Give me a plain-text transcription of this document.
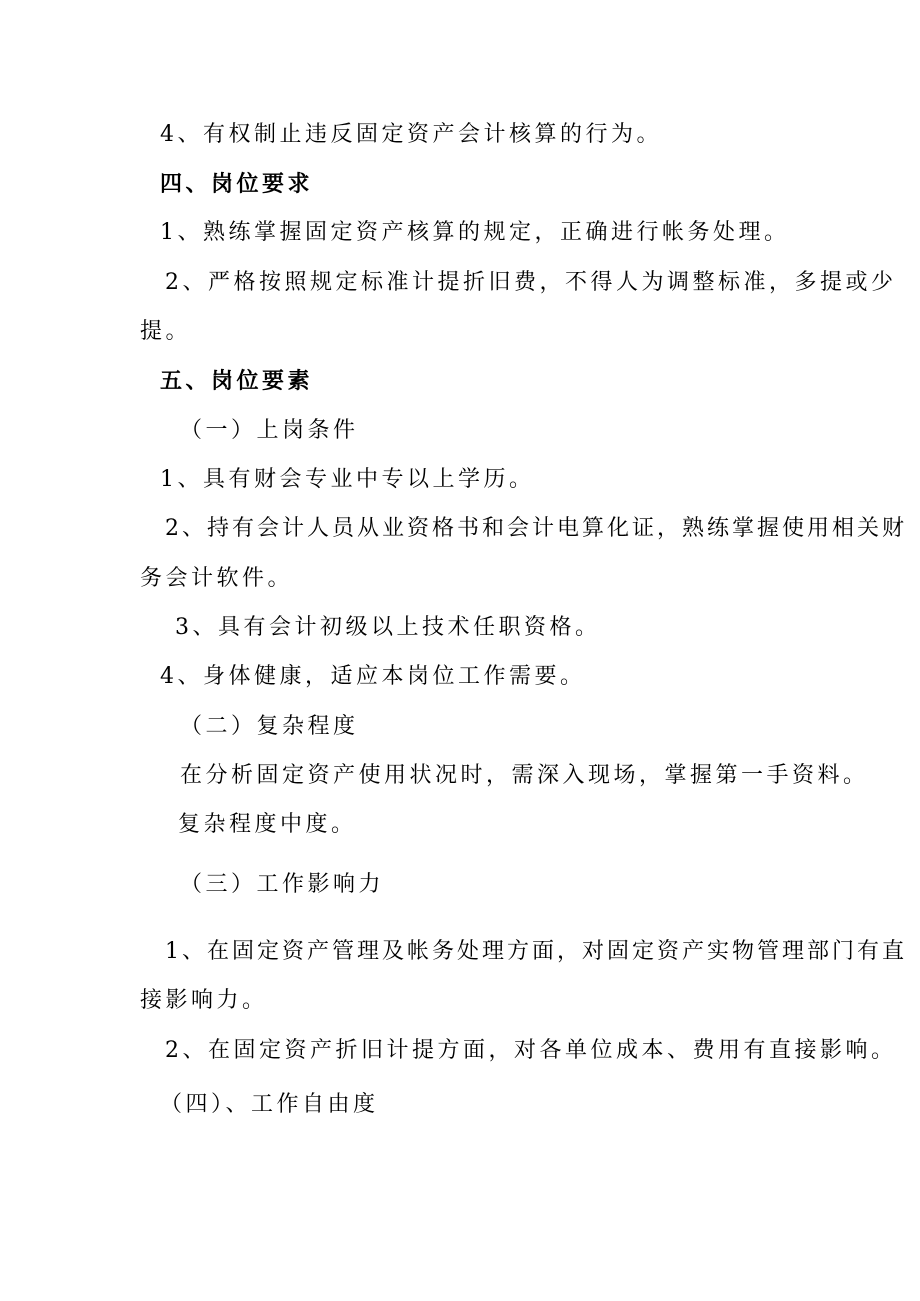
4、有权制止违反固定资产会计核算的行为。
四、岗位要求
1、熟练掌握固定资产核算的规定，正确进行帐务处理。
2、严格按照规定标准计提折旧费，不得人为调整标准，多提或少
提。
五、岗位要素
（一）上岗条件
1、具有财会专业中专以上学历。
2、持有会计人员从业资格书和会计电算化证，熟练掌握使用相关财
务会计软件。
3、具有会计初级以上技术任职资格。
4、身体健康，适应本岗位工作需要。
（二）复杂程度
在分析固定资产使用状况时，需深入现场，掌握第一手资料。
复杂程度中度。
（三）工作影响力
1、在固定资产管理及帐务处理方面，对固定资产实物管理部门有直
接影响力。
2、在固定资产折旧计提方面，对各单位成本、费用有直接影响。
（四）、工作自由度
